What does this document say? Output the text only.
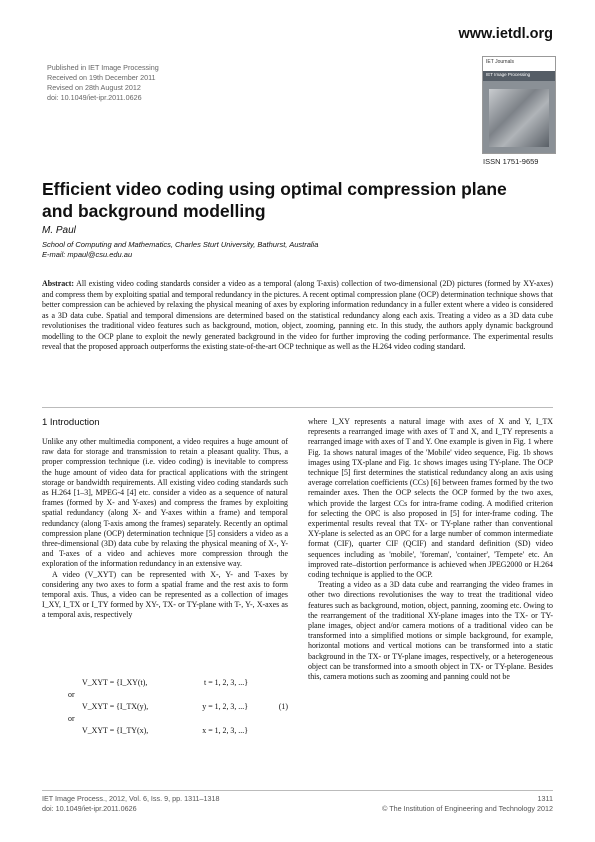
www.ietdl.org
Published in IET Image Processing
Received on 19th December 2011
Revised on 28th August 2012
doi: 10.1049/iet-ipr.2011.0626
IET Journals
IET Image Processing
ISSN 1751-9659
Efficient video coding using optimal compression plane and background modelling
M. Paul
School of Computing and Mathematics, Charles Sturt University, Bathurst, Australia
E-mail: mpaul@csu.edu.au
Abstract: All existing video coding standards consider a video as a temporal (along T-axis) collection of two-dimensional (2D) pictures (formed by XY-axes) and compress them by exploiting spatial and temporal redundancy in the pictures. A recent optimal compression plane (OCP) determination technique shows that better compression can be achieved by relaxing the physical meaning of axes by exploring information redundancy in a fuller extent where a video is considered as a 3D data cube. Spatial and temporal dimensions are determined based on the statistical redundancy along each axis. Treating a video as a 3D data cube revolutionises the traditional video features such as background, motion, object, zooming, panning etc. In this study, the authors apply dynamic background modelling to the OCP plane to exploit the newly generated background in the video for further improving the coding performance. The experimental results reveal that the proposed approach outperforms the existing state-of-the-art OCP technique as well as the H.264 video coding standard.
1 Introduction

Unlike any other multimedia component, a video requires a huge amount of raw data for storage and transmission to retain a pleasant quality. Thus, a proper compression technique (i.e. video coding) is inevitable to compress the huge amount of video data for practical applications with the stringent storage or bandwidth requirements. All existing video coding standards such as H.264 [1–3], MPEG-4 [4] etc. consider a video as a sequence of natural frames (formed by X- and Y-axes) and compress the frames by exploiting spatial redundancy (along X- and Y-axes within a frame) and temporal redundancy (along T-axis among the frames) separately. Recently an optimal compression plane (OCP) determination technique [5] considers a video as a three-dimensional (3D) data cube by relaxing the physical meaning of X-, Y- and T-axes of a video and achieves more compression through the exploration of the information redundancy in an extensive way.

A video (V_XYT) can be represented with X-, Y- and T-axes by considering any two axes to form a spatial frame and the rest axis to form temporal axis. Thus, a video can be represented as a collection of images I_XY, I_TX or I_TY formed by XY-, TX- or TY-plane with T-, Y-, X-axes as a temporal axis, respectively

V_XYT = {I_XY(t),	t = 1, 2, 3, ...}
or
V_XYT = {I_TX(y),	y = 1, 2, 3, ...}
or
V_XYT = {I_TY(x),	x = 1, 2, 3, ...}
(1)

where I_XY represents a natural image with axes of X and Y, I_TX represents a rearranged image with axes of T and X, and I_TY represents a rearranged image with axes of T and Y. One example is given in Fig. 1 where Fig. 1a shows natural images of the 'Mobile' video sequence, Fig. 1b shows images using TX-plane and Fig. 1c shows images using TY-plane. The OCP technique [5] first determines the statistical redundancy along an axis using average correlation coefficients (CCs) [6] between frames formed by the two remainder axes. Then the OCP selects the OCP formed by the two axes, which provide the largest CCs for intra-frame coding. A modified criterion for selecting the OPC is also proposed in [5] for inter-frame coding. The experimental results reveal that TX- or TY-plane rather than conventional XY-plane is selected as an OPC for a large number of common intermediate format (CIF), quarter CIF (QCIF) and standard definition (SD) video sequences including as 'mobile', 'foreman', 'container', 'Tempete' etc. An improved rate–distortion performance is achieved when JPEG2000 or H.264 coding technique is applied to the OCP.

Treating a video as a 3D data cube and rearranging the video frames in other two directions revolutionises the way to treat the traditional video features such as background, motion, object, panning, zooming etc. Owing to the rearrangement of the traditional XY-plane images into the TX- or TY-plane images, object and/or camera motions of a traditional video can be transformed into a simplified motions or simple background, for example, horizontal motions and vertical motions can be transformed into a static background in the TX- or TY-plane images, respectively, or a heterogeneous object can be transformed into a smooth object in TX- or TY-plane. Besides this, camera motions such as zooming and panning could not be

IET Image Process., 2012, Vol. 6, Iss. 9, pp. 1311–1318
doi: 10.1049/iet-ipr.2011.0626
1311
© The Institution of Engineering and Technology 2012
